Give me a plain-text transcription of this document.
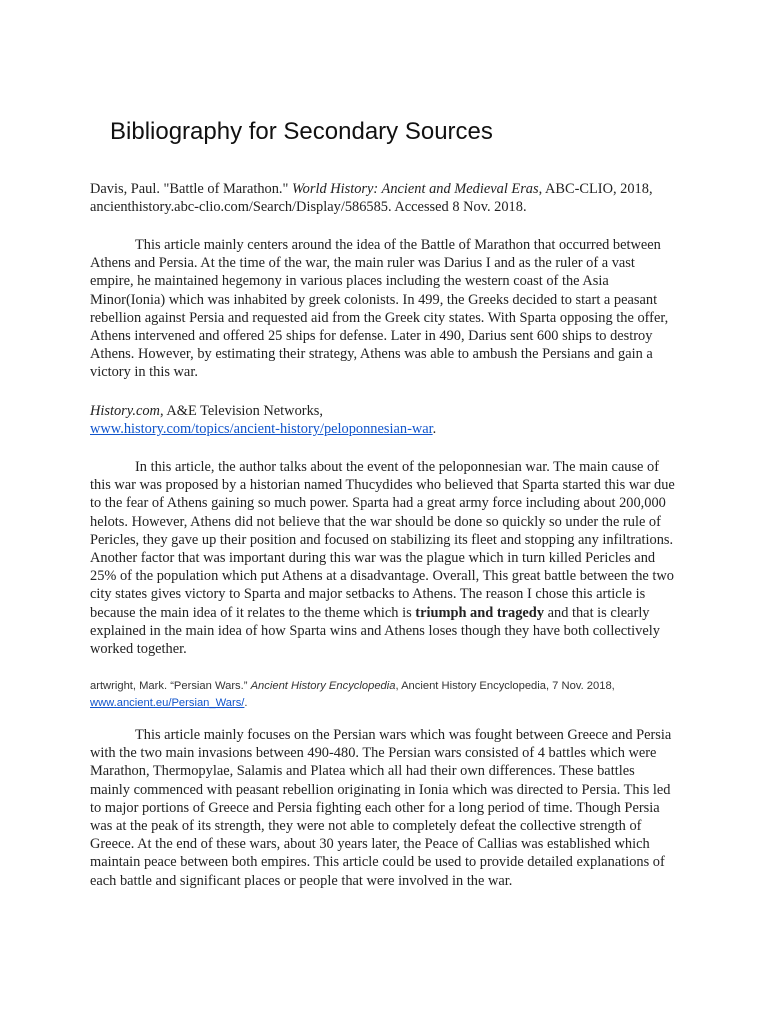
Bibliography for Secondary Sources

Davis, Paul. "Battle of Marathon." World History: Ancient and Medieval Eras, ABC-CLIO, 2018, ancienthistory.abc-clio.com/Search/Display/586585. Accessed 8 Nov. 2018.

This article mainly centers around the idea of the Battle of Marathon that occurred between Athens and Persia. At the time of the war, the main ruler was Darius I and as the ruler of a vast empire, he maintained hegemony in various places including the western coast of the Asia Minor(Ionia) which was inhabited by greek colonists. In 499, the Greeks decided to start a peasant rebellion against Persia and requested aid from the Greek city states. With Sparta opposing the offer, Athens intervened and offered 25 ships for defense. Later in 490, Darius sent 600 ships to destroy Athens. However, by estimating their strategy, Athens was able to ambush the Persians and gain a victory in this war.

History.com, A&E Television Networks,
www.history.com/topics/ancient-history/peloponnesian-war.

In this article, the author talks about the event of the peloponnesian war. The main cause of this war was proposed by a historian named Thucydides who believed that Sparta started this war due to the fear of Athens gaining so much power. Sparta had a great army force including about 200,000 helots. However, Athens did not believe that the war should be done so quickly so under the rule of Pericles, they gave up their position and focused on stabilizing its fleet and stopping any infiltrations. Another factor that was important during this war was the plague which in turn killed Pericles and 25% of the population which put Athens at a disadvantage. Overall, This great battle between the two city states gives victory to Sparta and major setbacks to Athens. The reason I chose this article is because the main idea of it relates to the theme which is triumph and tragedy and that is clearly explained in the main idea of how Sparta wins and Athens loses though they have both collectively worked together.

artwright, Mark. “Persian Wars.” Ancient History Encyclopedia, Ancient History Encyclopedia, 7 Nov. 2018,
www.ancient.eu/Persian_Wars/.

This article mainly focuses on the Persian wars which was fought between Greece and Persia with the two main invasions between 490-480. The Persian wars consisted of 4 battles which were Marathon, Thermopylae, Salamis and Platea which all had their own differences. These battles mainly commenced with peasant rebellion originating in Ionia which was directed to Persia. This led to major portions of Greece and Persia fighting each other for a long period of time. Though Persia was at the peak of its strength, they were not able to completely defeat the collective strength of Greece. At the end of these wars, about 30 years later, the Peace of Callias was established which maintain peace between both empires. This article could be used to provide detailed explanations of each battle and significant places or people that were involved in the war.
